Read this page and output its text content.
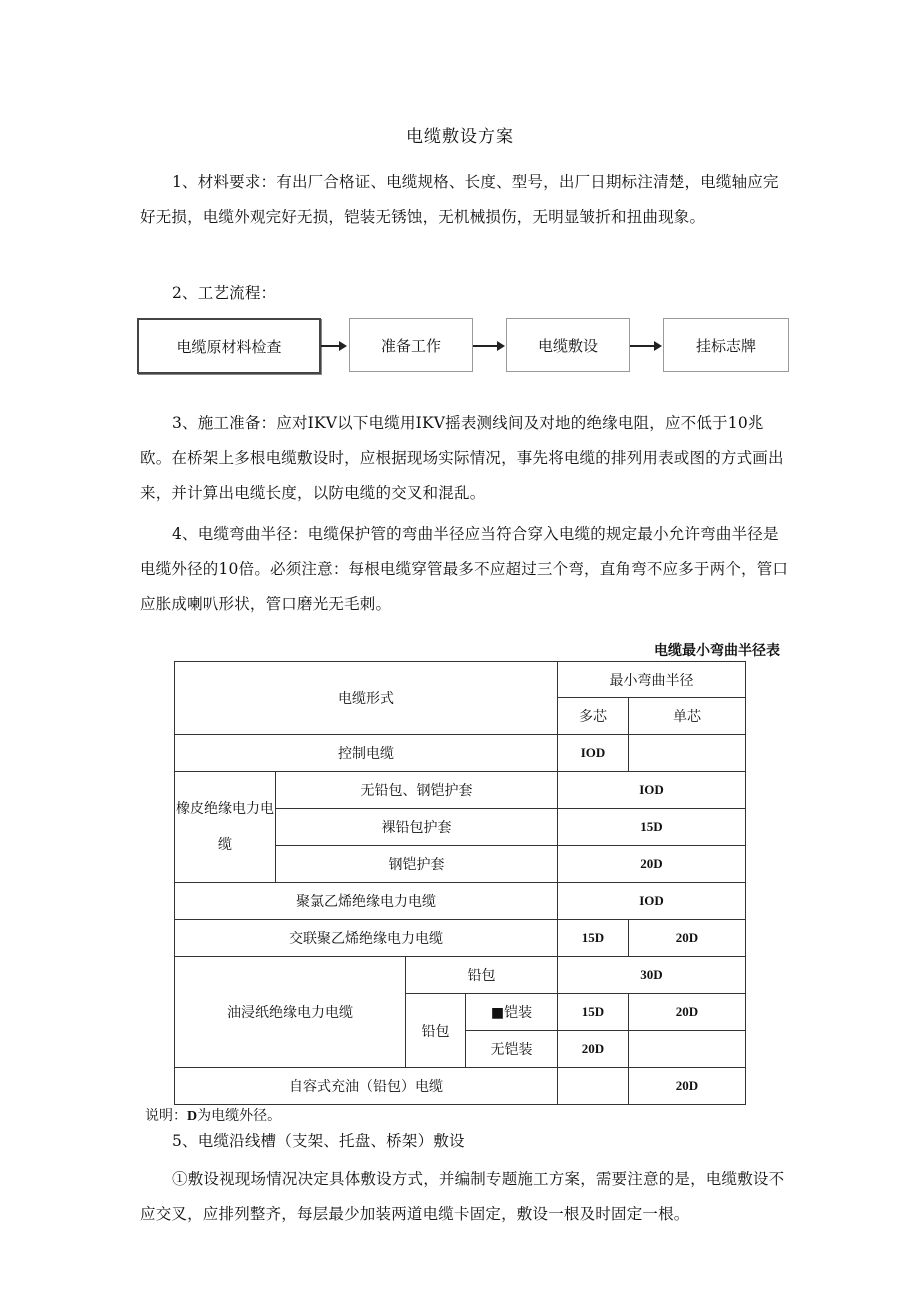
电缆敷设方案
1、材料要求：有出厂合格证、电缆规格、长度、型号，出厂日期标注清楚，电缆轴应完好无损，电缆外观完好无损，铠装无锈蚀，无机械损伤，无明显皱折和扭曲现象。
2、工艺流程：
电缆原材料检查	准备工作	电缆敷设	挂标志牌
3、施工准备：应对IKV以下电缆用IKV摇表测线间及对地的绝缘电阻，应不低于10兆欧。在桥架上多根电缆敷设时，应根据现场实际情况，事先将电缆的排列用表或图的方式画出来，并计算出电缆长度，以防电缆的交叉和混乱。
4、电缆弯曲半径：电缆保护管的弯曲半径应当符合穿入电缆的规定最小允许弯曲半径是电缆外径的10倍。必须注意：每根电缆穿管最多不应超过三个弯，直角弯不应多于两个，管口应胀成喇叭形状，管口磨光无毛刺。
电缆最小弯曲半径表
电缆形式				最小弯曲半径	
				多芯	单芯
控制电缆				IOD	
橡皮绝缘电力电缆	无铅包、钢铠护套			IOD	
	裸铅包护套			15D	
	钢铠护套			20D	
聚氯乙烯绝缘电力电缆				IOD	
交联聚乙烯绝缘电力电缆				15D	20D
油浸纸绝缘电力电缆		铅包		30D	
		铅包	■铠装	15D	20D
			无铠装	20D	
自容式充油（铅包）电缆					20D
说明：D为电缆外径。
5、电缆沿线槽（支架、托盘、桥架）敷设
①敷设视现场情况决定具体敷设方式，并编制专题施工方案，需要注意的是，电缆敷设不应交叉，应排列整齐，每层最少加装两道电缆卡固定，敷设一根及时固定一根。
